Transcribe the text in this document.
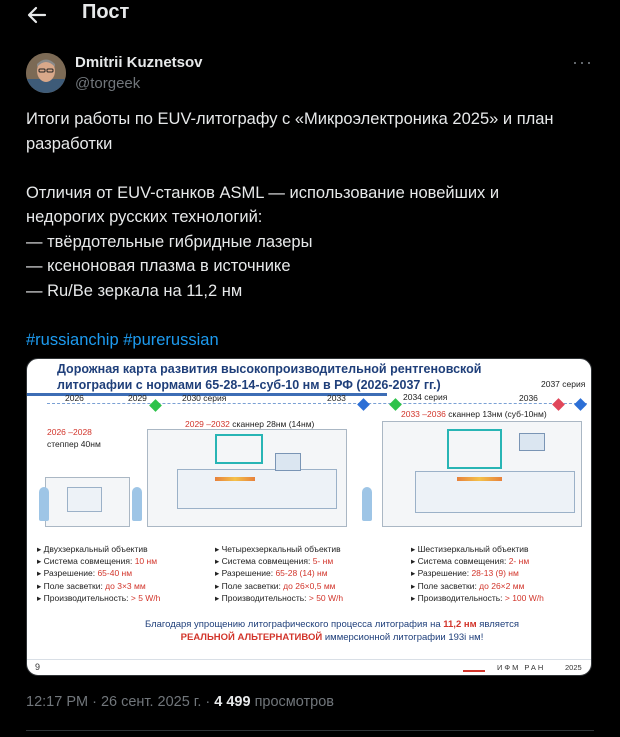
Пост
Dmitrii Kuznetsov
@torgeek
···
Итоги работы по EUV-литографу с «Микроэлектроника 2025» и план
разработки
Отличия от EUV-станков ASML — использование новейших и
недорогих русских технологий:
— твёрдотельные гибридные лазеры
— ксеноновая плазма в источнике
— Ru/Be зеркала на 11,2 нм
#russianchip #purerussian
Дорожная карта развития высокопроизводительной рентгеновской
литографии с нормами 65-28-14-суб-10 нм в РФ (2026-2037 гг.)
2026	2029	2030 серия	2033	2034 серия	2036
2037 серия
2026 –2028
степпер 40нм
2029 –2032 сканнер 28нм (14нм)
2033 –2036 сканнер 13нм (суб-10нм)
▸ Двухзеркальный объектив
▸ Система совмещения: 10 нм
▸ Разрешение: 65-40 нм
▸ Поле засветки: до 3×3 мм
▸ Производительность: > 5 W/h
▸ Четырехзеркальный объектив
▸ Система совмещения: 5- нм
▸ Разрешение: 65-28 (14) нм
▸ Поле засветки: до 26×0,5 мм
▸ Производительность: > 50 W/h
▸ Шестизеркальный объектив
▸ Система совмещения: 2- нм
▸ Разрешение: 28-13 (9) нм
▸ Поле засветки: до 26×2 мм
▸ Производительность: > 100 W/h
Благодаря упрощению литографического процесса литография на 11,2 нм является
РЕАЛЬНОЙ АЛЬТЕРНАТИВОЙ иммерсионной литографии 193i нм!
9	ИФМ РАН	2025
12:17 PM · 26 сент. 2025 г. · 4 499 просмотров
